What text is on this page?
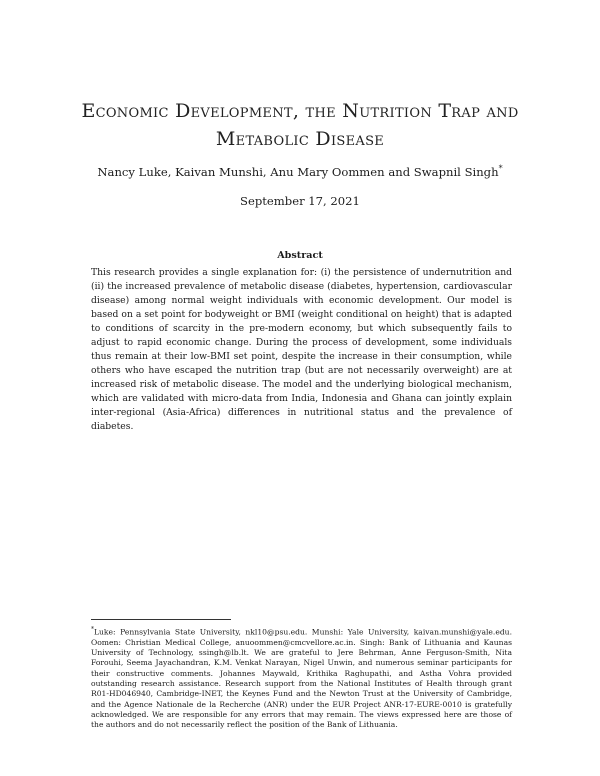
Economic Development, the Nutrition Trap and
Metabolic Disease
Nancy Luke, Kaivan Munshi, Anu Mary Oommen and Swapnil Singh*
September 17, 2021
Abstract

This research provides a single explanation for: (i) the persistence of undernutrition and (ii) the increased prevalence of metabolic disease (diabetes, hypertension, cardiovascular disease) among normal weight individuals with economic development. Our model is based on a set point for bodyweight or BMI (weight conditional on height) that is adapted to conditions of scarcity in the pre-modern economy, but which subsequently fails to adjust to rapid economic change. During the process of development, some individuals thus remain at their low-BMI set point, despite the increase in their consumption, while others who have escaped the nutrition trap (but are not necessarily overweight) are at increased risk of metabolic disease. The model and the underlying biological mechanism, which are validated with micro-data from India, Indonesia and Ghana can jointly explain inter-regional (Asia-Africa) differences in nutritional status and the prevalence of diabetes.

*Luke: Pennsylvania State University, nkl10@psu.edu. Munshi: Yale University, kaivan.munshi@yale.edu. Oomen: Christian Medical College, anuoommen@cmcvellore.ac.in. Singh: Bank of Lithuania and Kaunas University of Technology, ssingh@lb.lt. We are grateful to Jere Behrman, Anne Ferguson-Smith, Nita Forouhi, Seema Jayachandran, K.M. Venkat Narayan, Nigel Unwin, and numerous seminar participants for their constructive comments. Johannes Maywald, Krithika Raghupathi, and Astha Vohra provided outstanding research assistance. Research support from the National Institutes of Health through grant R01-HD046940, Cambridge-INET, the Keynes Fund and the Newton Trust at the University of Cambridge, and the Agence Nationale de la Recherche (ANR) under the EUR Project ANR-17-EURE-0010 is gratefully acknowledged. We are responsible for any errors that may remain. The views expressed here are those of the authors and do not necessarily reflect the position of the Bank of Lithuania.
